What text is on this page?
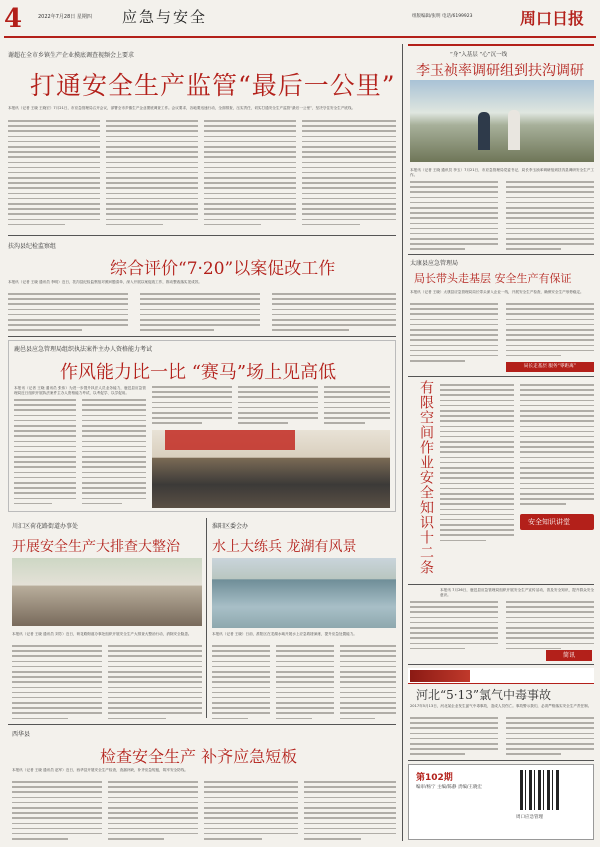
4	2022年7月28日 星期四 应急与安全	组版编辑/张明 电话/6199923	周口日报
谢超在全市乡镇生产企业摸底调查视频会上要求
打通安全生产监管“最后一公里”
本报讯（记者 王晓 王晓宏）7月21日，市应急管理局召开会议，部署全市乡镇生产企业摸底调查工作。会议要求，各地要迅速行动，全面排查，压实责任，切实打通安全生产监管“最后一公里”，坚决守住安全生产底线。
扶沟县纪检监察组
综合评价“7·20”以案促改工作
本报讯（记者 王晓 通讯员 李明）近日，扶沟县纪检监察组对照问题清单，深入开展以案促改工作，推动整改落实见成效。
鹿邑县应急管理局组织执法案件主办人资格能力考试
作风能力比一比 “赛马”场上见高低
本报讯（记者 王晓 通讯员 张伟）为进一步提升执法人员业务能力，鹿邑县应急管理局近日组织开展执法案件主办人资格能力考试，以考促学、以学促用。
川汇区荷花路街道办事处
开展安全生产大排查大整治
本报讯（记者 王晓 通讯员 刘芳）近日，荷花路街道办事处组织开展安全生产大排查大整治行动，消除安全隐患。
淮阳区委会办
水上大练兵 龙湖有风景
本报讯（记者 王晓）日前，淮阳区在龙湖水域开展水上应急救援演练，提升应急处置能力。
西华县
检查安全生产 补齐应急短板
本报讯（记者 王晓 通讯员 赵军）近日，西华县开展安全生产检查，查漏补缺，补齐应急短板，筑牢安全防线。
“身”入基层 “心”沉一线
李玉祯率调研组到扶沟调研
本报讯（记者 王晓 通讯员 李玉）7月21日，市应急管理局党委书记、局长李玉祯率调研组到扶沟县调研安全生产工作。
太康县应急管理局
局长带头走基层 安全生产有保证
本报讯（记者 王晓）太康县应急管理局局长带头深入企业一线，开展安全生产检查，确保安全生产形势稳定。
局长走基层 服务“零距离”
有限空间作业安全知识十二条	安全知识讲堂
本报讯 7月26日，鹿邑县应急管理局组织开展安全生产宣传活动，普及安全知识，提升群众安全意识。
简讯
河北“5·13”氯气中毒事故
2017年5月13日，河北某企业发生氯气中毒事故，造成人员伤亡。事故警示我们，必须严格落实安全生产责任制。
第102期
编审/杨宁 主编/陈静 责编/王晓宏
周口应急管理
